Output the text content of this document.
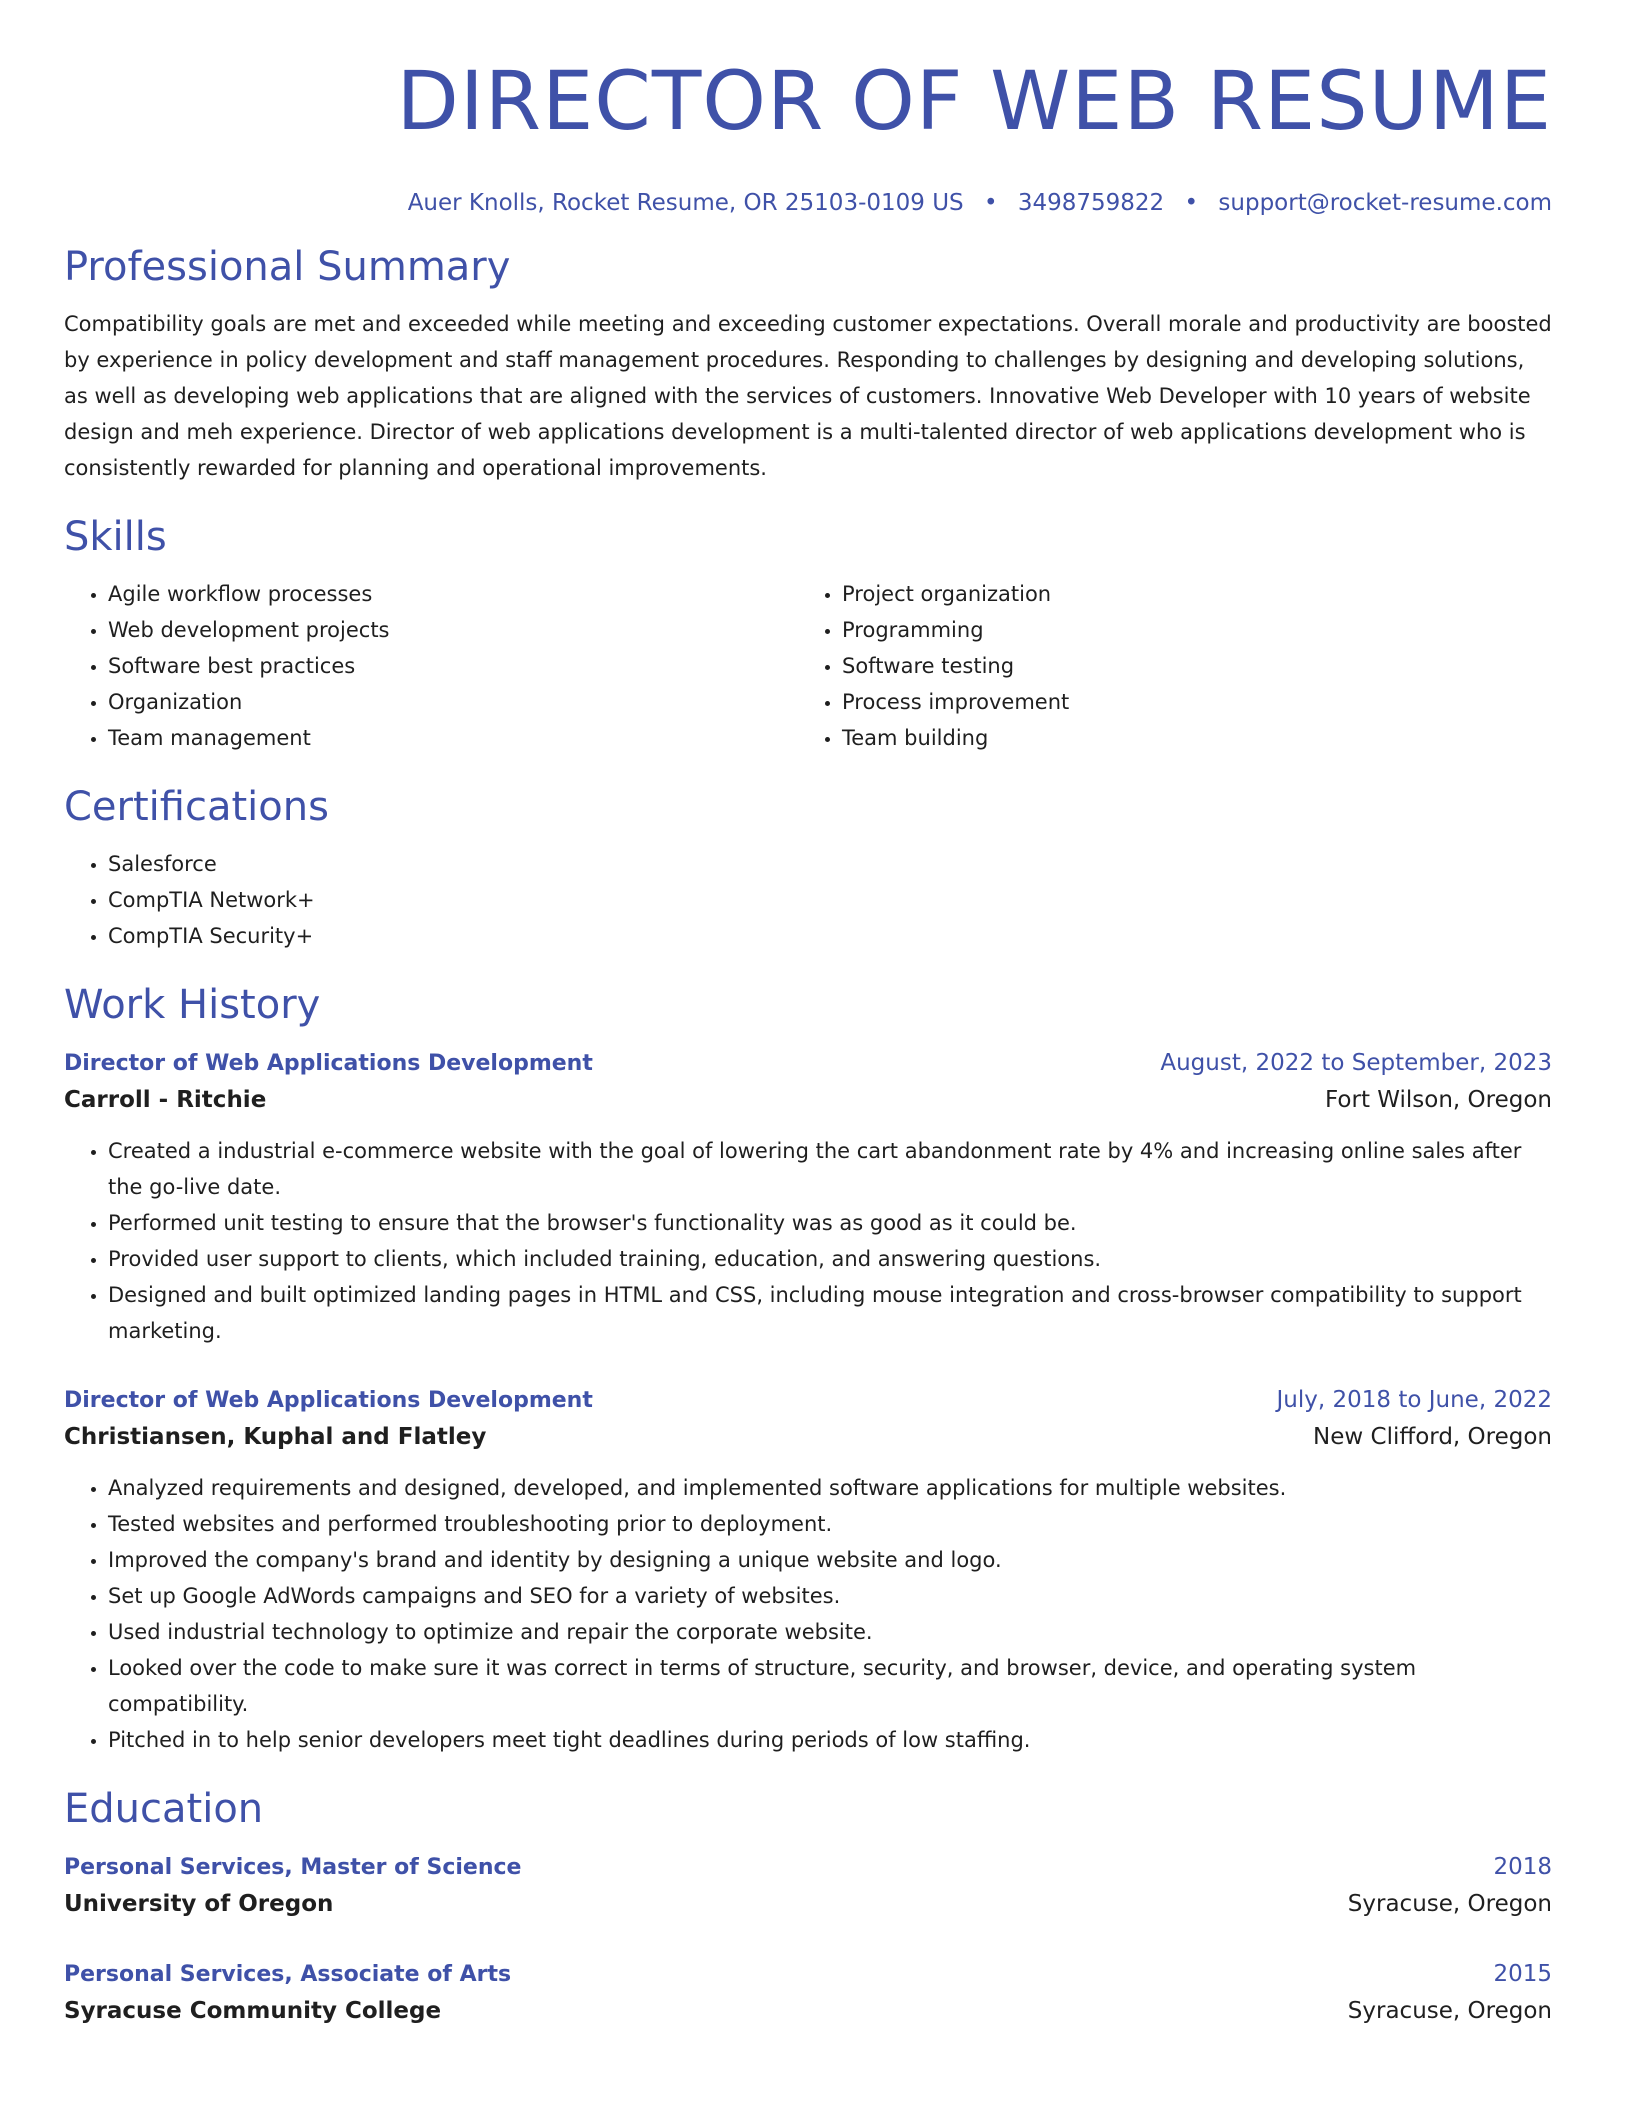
DIRECTOR OF WEB RESUME
Auer Knolls, Rocket Resume, OR 25103-0109 US • 3498759822 • support@rocket-resume.com
Professional Summary

Compatibility goals are met and exceeded while meeting and exceeding customer expectations. Overall morale and productivity are boosted by experience in policy development and staff management procedures. Responding to challenges by designing and developing solutions, as well as developing web applications that are aligned with the services of customers. Innovative Web Developer with 10 years of website design and meh experience. Director of web applications development is a multi-talented director of web applications development who is consistently rewarded for planning and operational improvements.

Skills
• Agile workflow processes
• Web development projects
• Software best practices
• Organization
• Team management
• Project organization
• Programming
• Software testing
• Process improvement
• Team building
Certifications
• Salesforce
• CompTIA Network+
• CompTIA Security+
Work History
Director of Web Applications Development	August, 2022 to September, 2023
Carroll - Ritchie	Fort Wilson, Oregon
• Created a industrial e-commerce website with the goal of lowering the cart abandonment rate by 4% and increasing online sales after the go-live date.
• Performed unit testing to ensure that the browser's functionality was as good as it could be.
• Provided user support to clients, which included training, education, and answering questions.
• Designed and built optimized landing pages in HTML and CSS, including mouse integration and cross-browser compatibility to support marketing.
Director of Web Applications Development	July, 2018 to June, 2022
Christiansen, Kuphal and Flatley	New Clifford, Oregon
• Analyzed requirements and designed, developed, and implemented software applications for multiple websites.
• Tested websites and performed troubleshooting prior to deployment.
• Improved the company's brand and identity by designing a unique website and logo.
• Set up Google AdWords campaigns and SEO for a variety of websites.
• Used industrial technology to optimize and repair the corporate website.
• Looked over the code to make sure it was correct in terms of structure, security, and browser, device, and operating system compatibility.
• Pitched in to help senior developers meet tight deadlines during periods of low staffing.
Education
Personal Services, Master of Science	2018
University of Oregon	Syracuse, Oregon
Personal Services, Associate of Arts	2015
Syracuse Community College	Syracuse, Oregon
